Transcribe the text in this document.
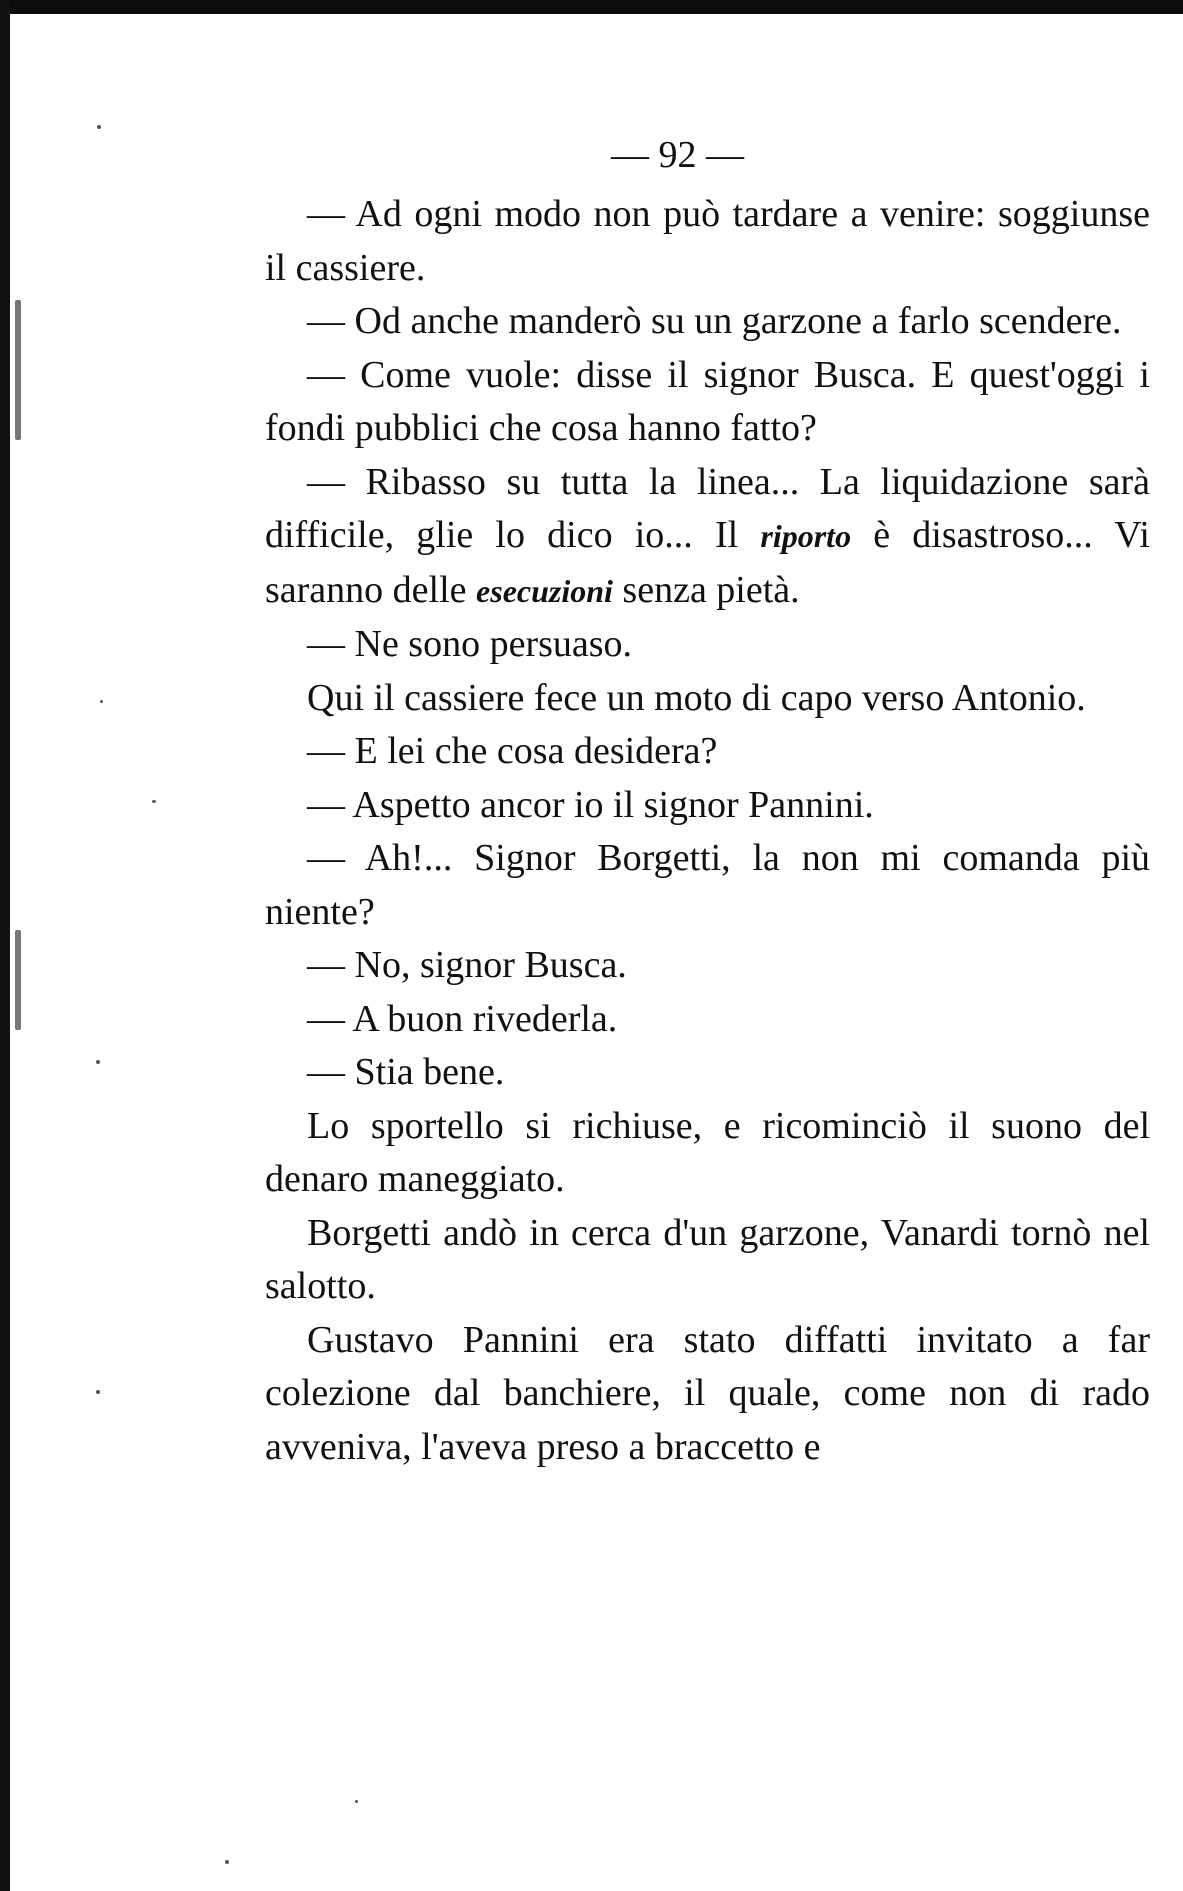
— 92 —

— Ad ogni modo non può tardare a venire: soggiunse il cassiere.

— Od anche manderò su un garzone a farlo scendere.

— Come vuole: disse il signor Busca. E quest'oggi i fondi pubblici che cosa hanno fatto?

— Ribasso su tutta la linea... La liquidazione sarà difficile, glie lo dico io... Il riporto è disastroso... Vi saranno delle esecuzioni senza pietà.

— Ne sono persuaso.

Qui il cassiere fece un moto di capo verso Antonio.

— E lei che cosa desidera?

— Aspetto ancor io il signor Pannini.

— Ah!... Signor Borgetti, la non mi comanda più niente?

— No, signor Busca.

— A buon rivederla.

— Stia bene.

Lo sportello si richiuse, e ricominciò il suono del denaro maneggiato.

Borgetti andò in cerca d'un garzone, Vanardi tornò nel salotto.

Gustavo Pannini era stato diffatti invitato a far colezione dal banchiere, il quale, come non di rado avveniva, l'aveva preso a braccetto e
